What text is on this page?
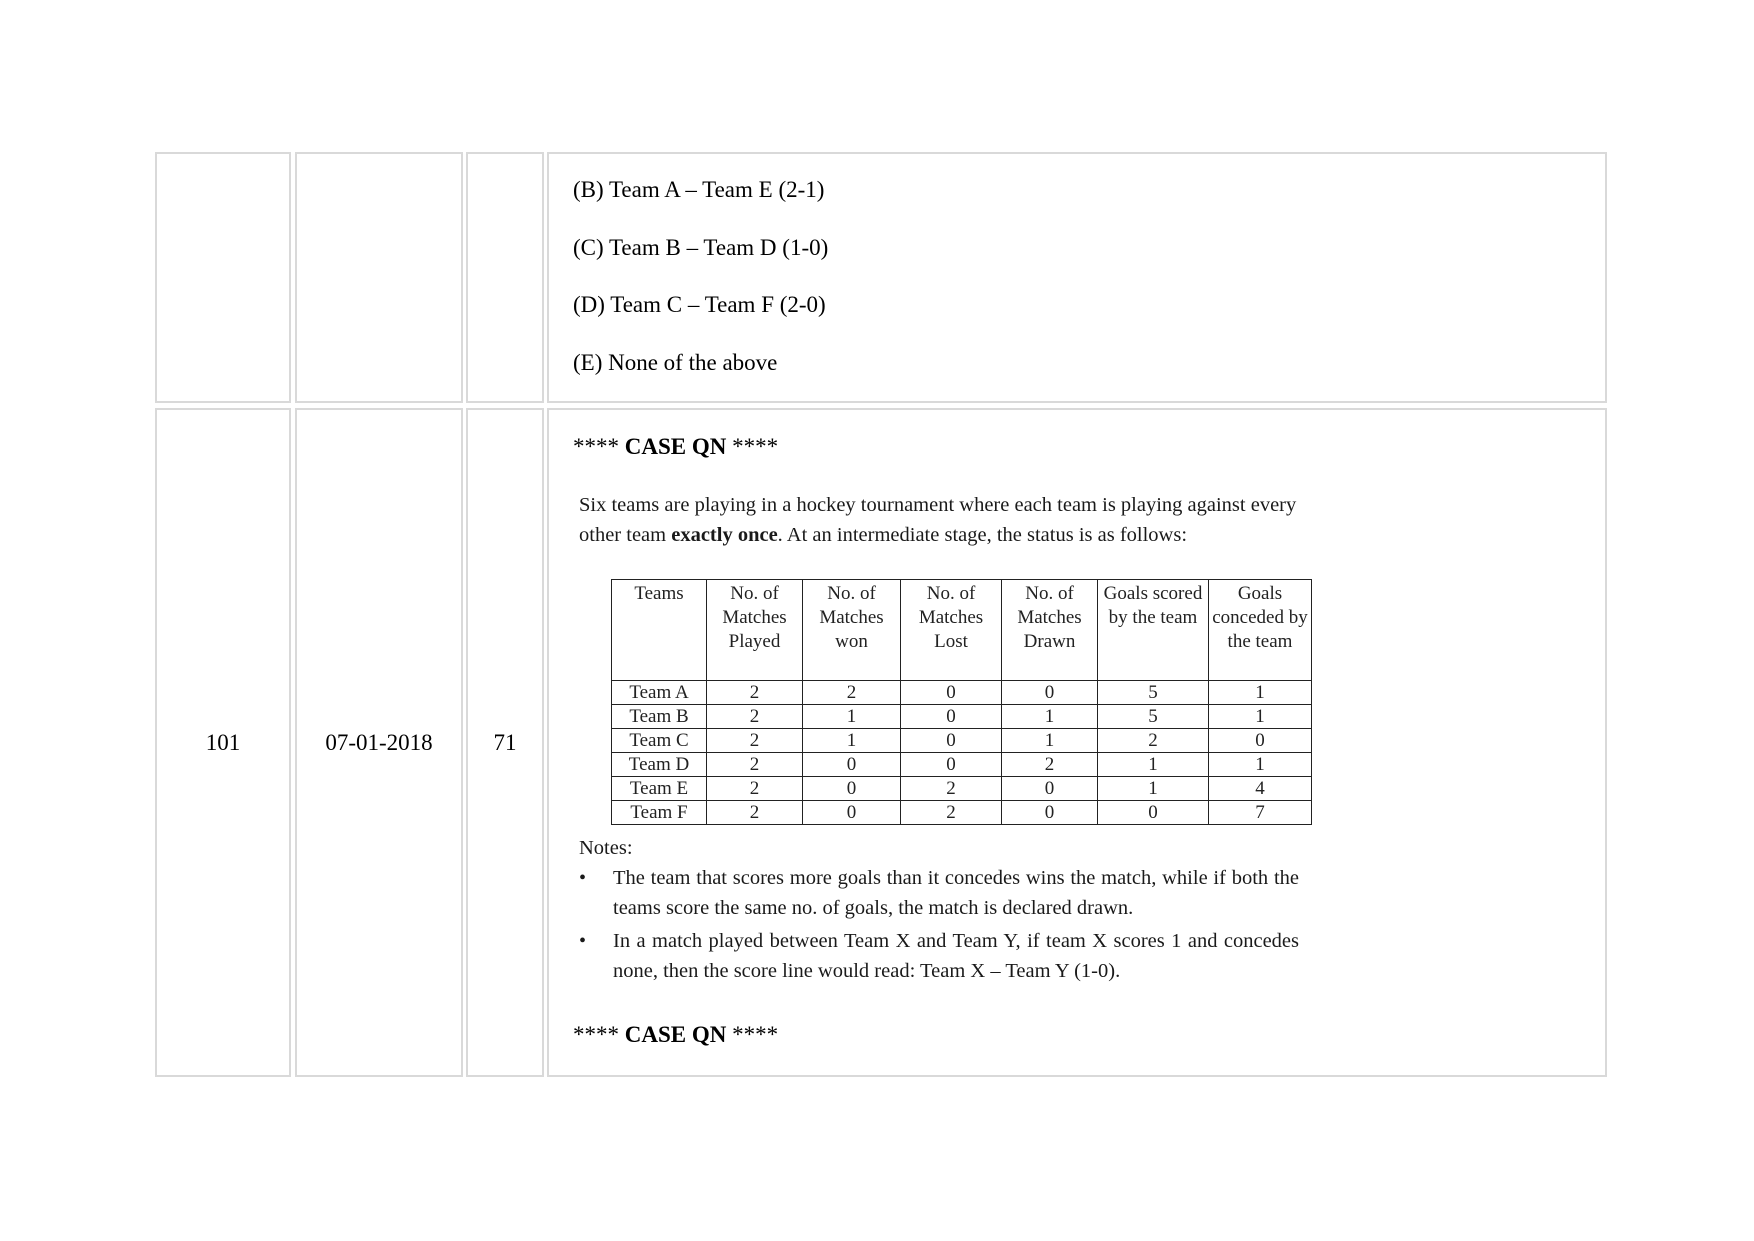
(B) Team A – Team E (2-1)
(C) Team B – Team D (1-0)
(D) Team C – Team F (2-0)
(E) None of the above
101	07-01-2018	71
**** CASE QN ****

Six teams are playing in a hockey tournament where each team is playing against every other team exactly once. At an intermediate stage, the status is as follows:

Teams	No. of Matches Played	No. of Matches won	No. of Matches Lost	No. of Matches Drawn	Goals scored by the team	Goals conceded by the team
Team A	2	2	0	0	5	1
Team B	2	1	0	1	5	1
Team C	2	1	0	1	2	0
Team D	2	0	0	2	1	1
Team E	2	0	2	0	1	4
Team F	2	0	2	0	0	7
Notes:
• The team that scores more goals than it concedes wins the match, while if both the teams score the same no. of goals, the match is declared drawn.
• In a match played between Team X and Team Y, if team X scores 1 and concedes none, then the score line would read: Team X – Team Y (1-0).
**** CASE QN ****
